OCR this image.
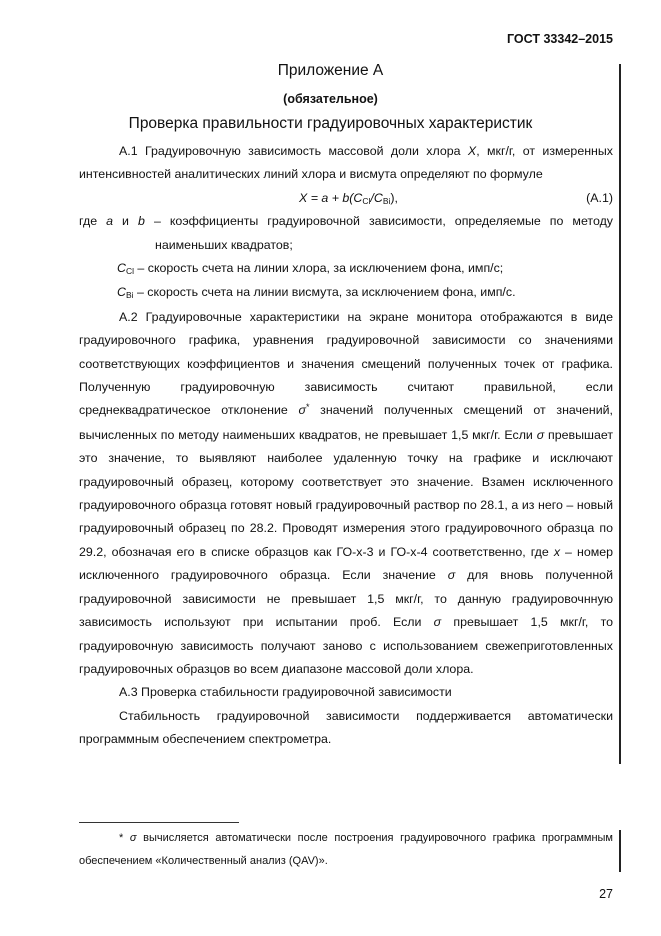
ГОСТ 33342–2015
Приложение А
(обязательное)
Проверка правильности градуировочных характеристик

А.1 Градуировочную зависимость массовой доли хлора X, мкг/г, от измеренных интенсивностей аналитических линий хлора и висмута определяют по формуле

X = a + b(CCl/CBi),	(А.1)

где a и b – коэффициенты градуировочной зависимости, определяемые по методу наименьших квадратов;

CCl – скорость счета на линии хлора, за исключением фона, имп/с;

CBi – скорость счета на линии висмута, за исключением фона, имп/с.

А.2 Градуировочные характеристики на экране монитора отображаются в виде градуировочного графика, уравнения градуировочной зависимости со значениями соответствующих коэффициентов и значения смещений полученных точек от графика. Полученную градуировочную зависимость считают правильной, если среднеквадратическое отклонение σ* значений полученных смещений от значений, вычисленных по методу наименьших квадратов, не превышает 1,5 мкг/г. Если σ превышает это значение, то выявляют наиболее удаленную точку на графике и исключают градуировочный образец, которому соответствует это значение. Взамен исключенного градуировочного образца готовят новый градуировочный раствор по 28.1, а из него – новый градуировочный образец по 28.2. Проводят измерения этого градуировочного образца по 29.2, обозначая его в списке образцов как ГО-х-3 и ГО-х-4 соответственно, где х – номер исключенного градуировочного образца. Если значение σ для вновь полученной градуировочной зависимости не превышает 1,5 мкг/г, то данную градуировочнную зависимость используют при испытании проб. Если σ превышает 1,5 мкг/г, то градуировочную зависимость получают заново с использованием свежеприготовленных градуировочных образцов во всем диапазоне массовой доли хлора.

А.3 Проверка стабильности градуировочной зависимости

Стабильность градуировочной зависимости поддерживается автоматически программным обеспечением спектрометра.

* σ вычисляется автоматически после построения градуировочного графика программным обеспечением «Количественный анализ (QAV)».
27
